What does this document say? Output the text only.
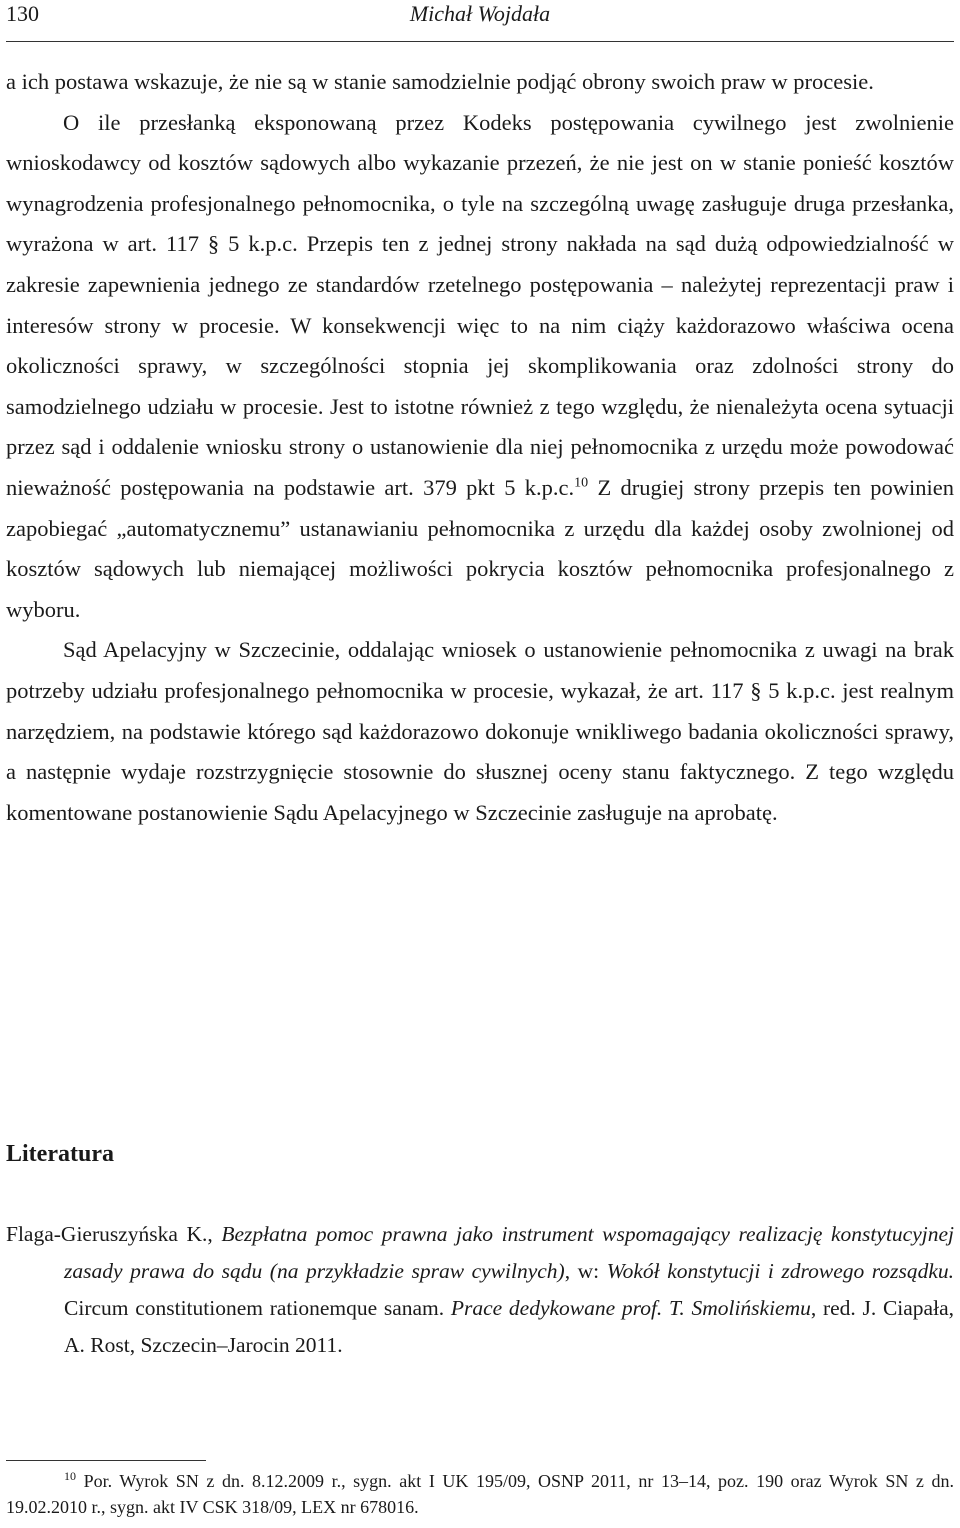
130	Michał Wojdała

a ich postawa wskazuje, że nie są w stanie samodzielnie podjąć obrony swoich praw w procesie.

O ile przesłanką eksponowaną przez Kodeks postępowania cywilnego jest zwolnienie wnioskodawcy od kosztów sądowych albo wykazanie przezeń, że nie jest on w stanie ponieść kosztów wynagrodzenia profesjonalnego pełnomocnika, o tyle na szczególną uwagę zasługuje druga przesłanka, wyrażona w art. 117 § 5 k.p.c. Przepis ten z jednej strony nakłada na sąd dużą odpowiedzialność w zakresie zapewnienia jednego ze standardów rzetelnego postępowania – należytej reprezentacji praw i interesów strony w procesie. W konsekwencji więc to na nim ciąży każdorazowo właściwa ocena okoliczności sprawy, w szczególności stopnia jej skomplikowania oraz zdolności strony do samodzielnego udziału w procesie. Jest to istotne również z tego względu, że nienależyta ocena sytuacji przez sąd i oddalenie wniosku strony o ustanowienie dla niej pełnomocnika z urzędu może powodować nieważność postępowania na podstawie art. 379 pkt 5 k.p.c.$^{10}$ Z drugiej strony przepis ten powinien zapobiegać „automatycznemu” ustanawianiu pełnomocnika z urzędu dla każdej osoby zwolnionej od kosztów sądowych lub niemającej możliwości pokrycia kosztów pełnomocnika profesjonalnego z wyboru.

Sąd Apelacyjny w Szczecinie, oddalając wniosek o ustanowienie pełnomocnika z uwagi na brak potrzeby udziału profesjonalnego pełnomocnika w procesie, wykazał, że art. 117 § 5 k.p.c. jest realnym narzędziem, na podstawie którego sąd każdorazowo dokonuje wnikliwego badania okoliczności sprawy, a następnie wydaje rozstrzygnięcie stosownie do słusznej oceny stanu faktycznego. Z tego względu komentowane postanowienie Sądu Apelacyjnego w Szczecinie zasługuje na aprobatę.

Literatura

Flaga-Gieruszyńska K., Bezpłatna pomoc prawna jako instrument wspomagający realizację konstytucyjnej zasady prawa do sądu (na przykładzie spraw cywilnych), w: Wokół konstytucji i zdrowego rozsądku. Circum constitutionem rationemque sanam. Prace dedykowane prof. T. Smolińskiemu, red. J. Ciapała, A. Rost, Szczecin–Jarocin 2011.

$^{10}$ Por. Wyrok SN z dn. 8.12.2009 r., sygn. akt I UK 195/09, OSNP 2011, nr 13–14, poz. 190 oraz Wyrok SN z dn. 19.02.2010 r., sygn. akt IV CSK 318/09, LEX nr 678016.
